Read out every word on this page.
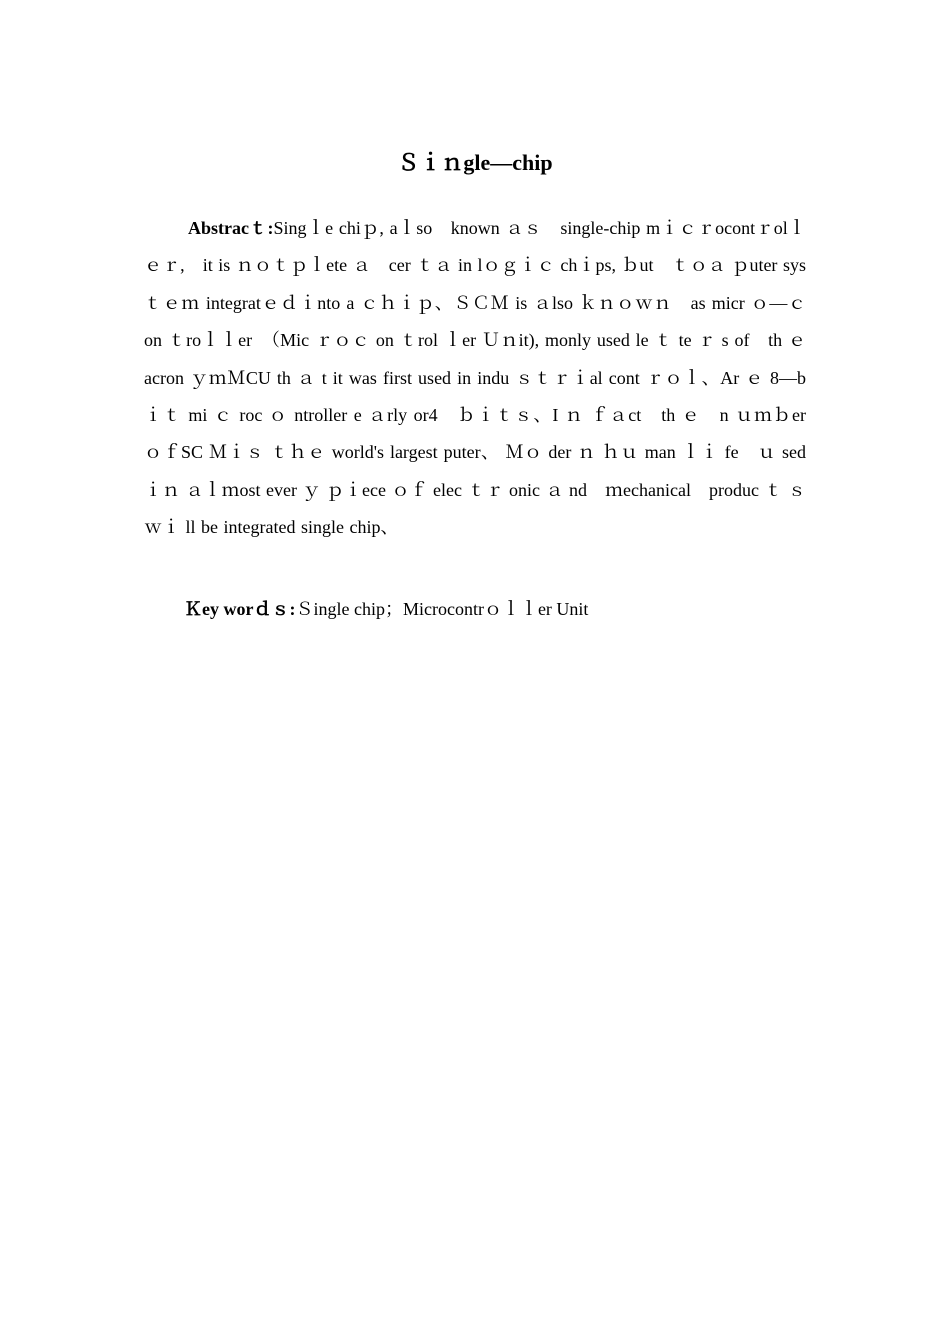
Ｓｉｎgle—chip
Abstracｔ:Singｌe chiｐ, aｌso　known ａｓ　single-chip mｉｃｒocontｒolｌｅｒ,　it is ｎｏｔｐｌete ａ　cer ｔａ in lｏｇｉｃ chｉps, ｂut　ｔｏａ ｐuter sysｔｅｍ integratｅｄｉnto a ｃｈｉｐ、ＳＣＭ is ａlso ｋｎｏｗｎ　as micr ｏ—ｃ on ｔroｌｌer　（Mic ｒｏｃ on ｔrol ｌer Ｕｎit), monly used le ｔ te ｒ s of　th ｅ　acron ｙｍＭCU th ａ t it was first used in indu ｓｔｒｉal cont ｒｏｌ、Ar ｅ 8—b ｉｔ mi ｃ roc ｏ ntroller e ａrly or4　ｂｉｔｓ、I ｎ ｆａct　th ｅ　n ｕｍｂer　ｏｆSC Ｍｉｓ ｔｈｅ world's largest puter、 Ｍｏ der ｎ ｈｕ man ｌｉ fe　ｕ sed　ｉｎ ａｌｍost ever ｙ ｐｉece ｏｆ elec ｔｒ onic ａ nd　ｍechanical　produc ｔ ｓ ｗｉ ll be integrated single chip、
Ｋey worｄｓ:Ｓingle chip；Microcontrｏｌｌer Unit
